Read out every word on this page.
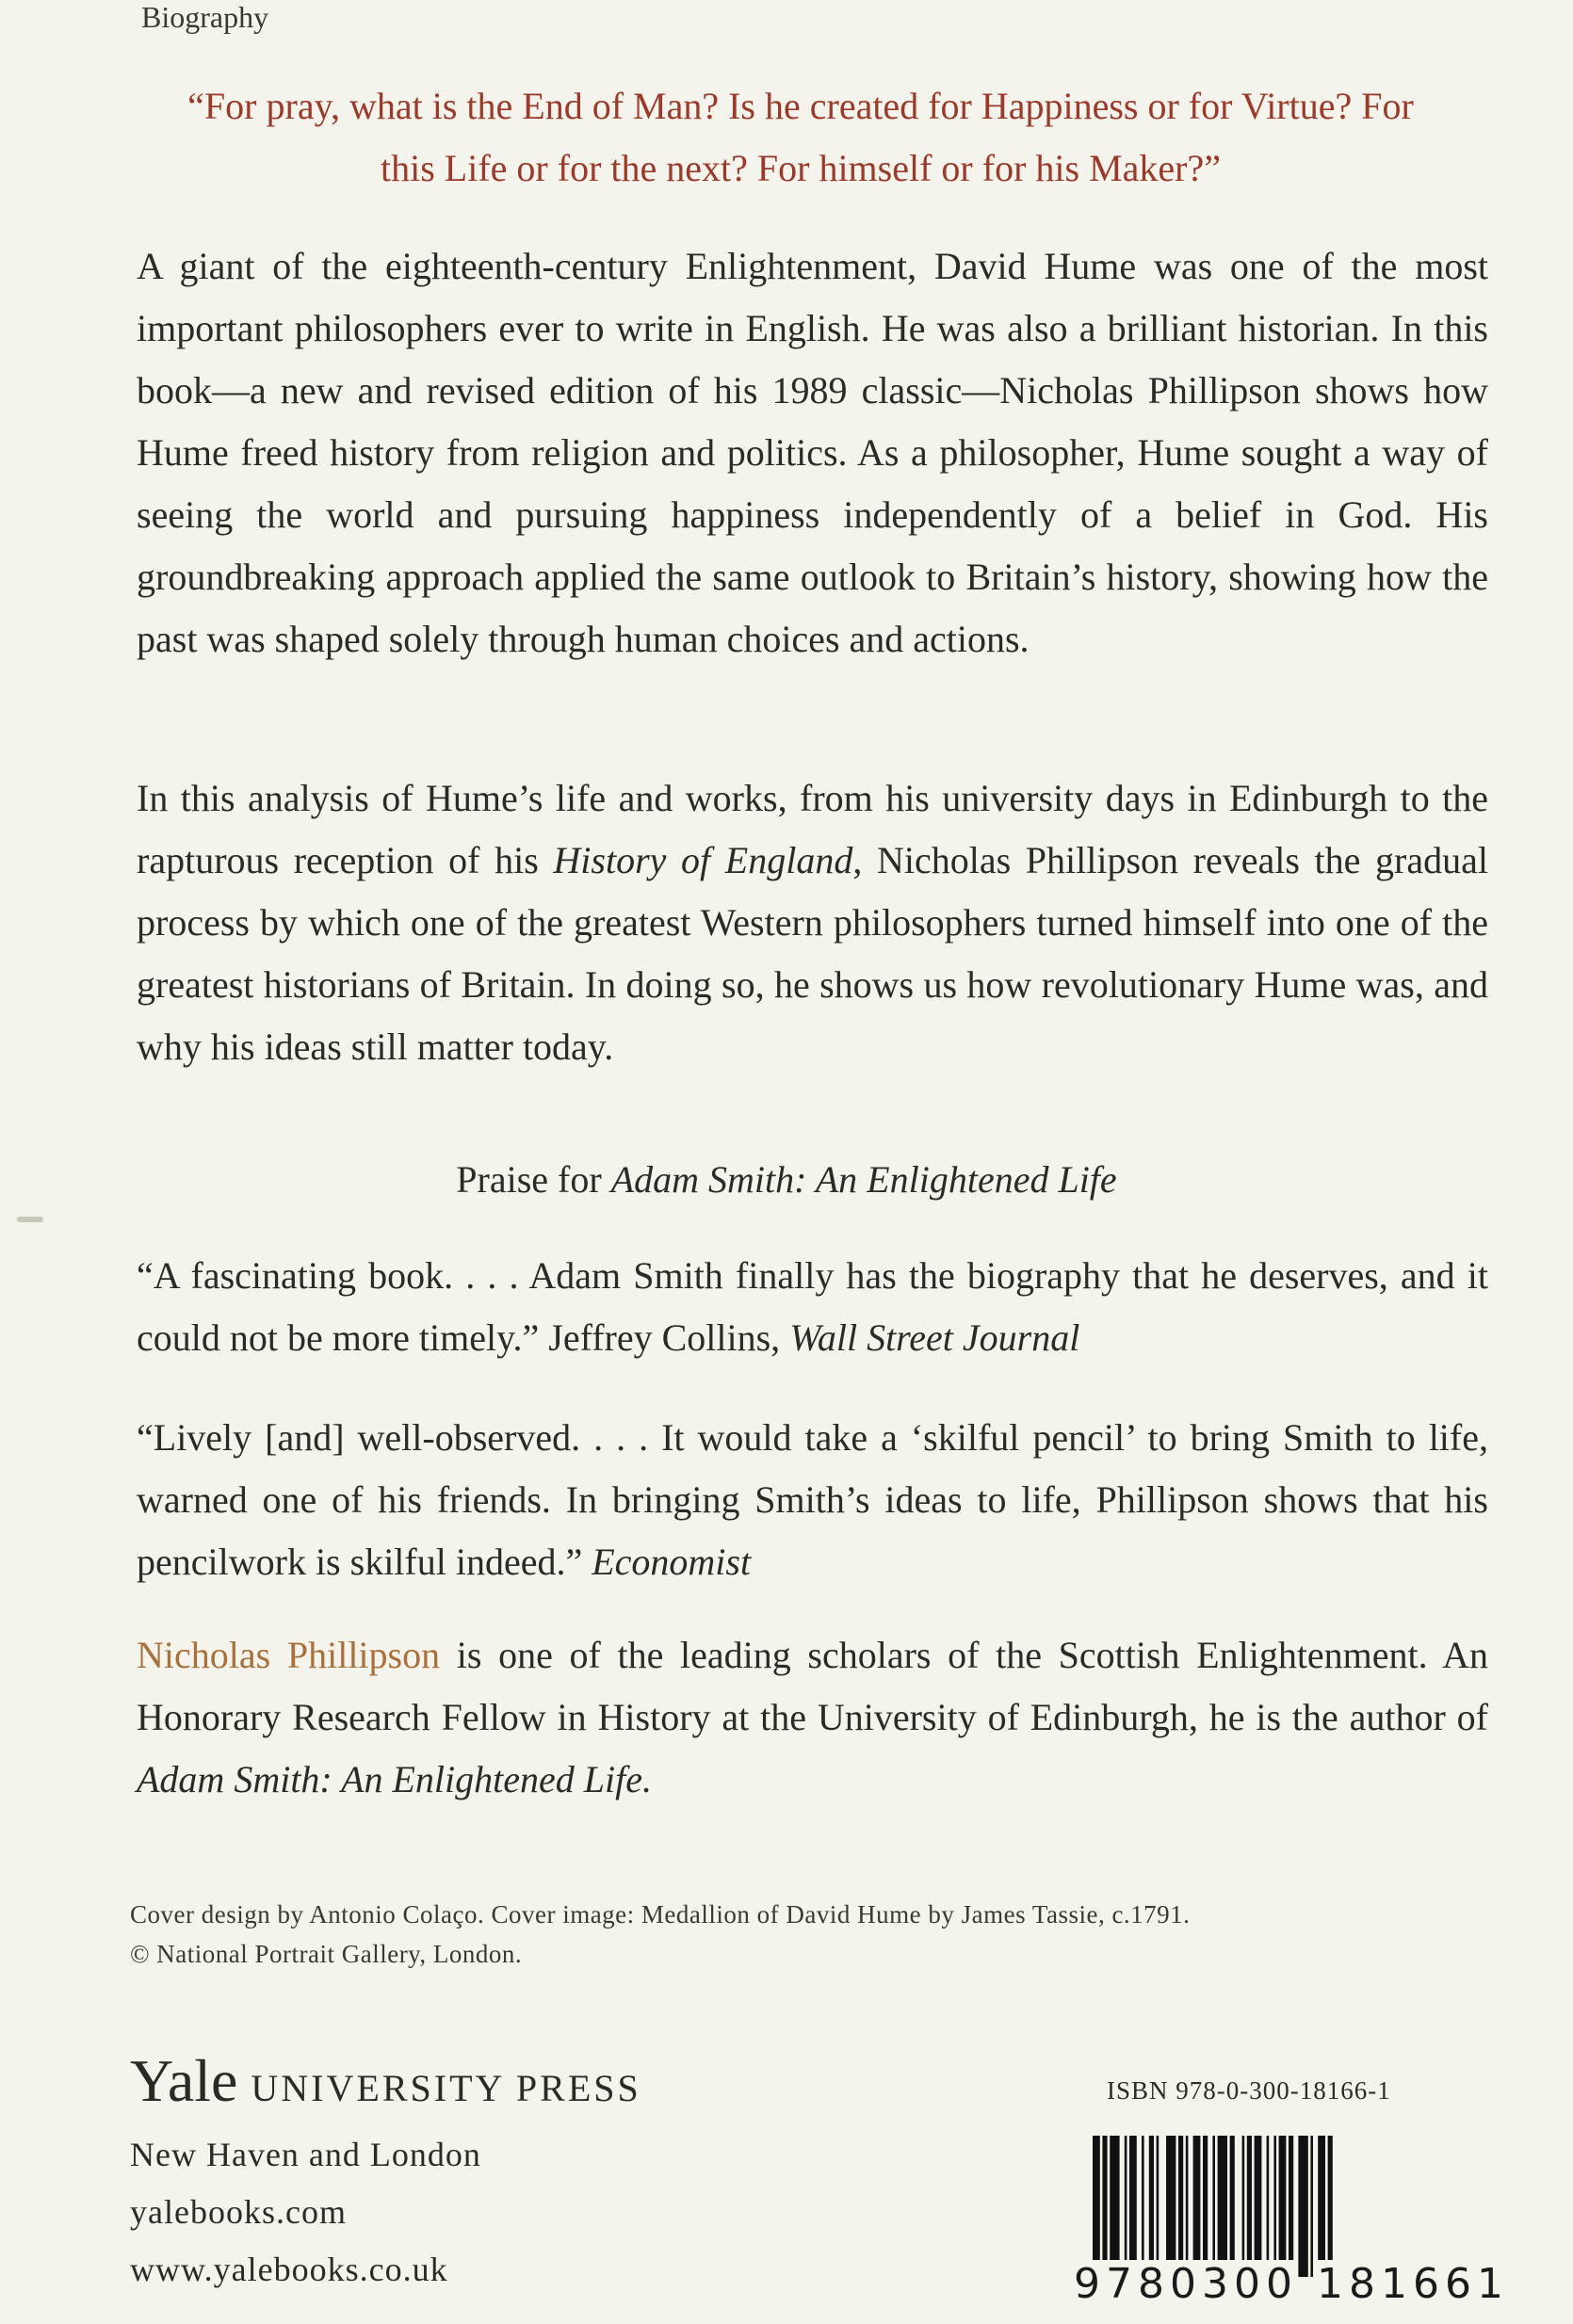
Biography
“For pray, what is the End of Man? Is he created for Happiness or for Virtue? For this Life or for the next? For himself or for his Maker?”

A giant of the eighteenth-century Enlightenment, David Hume was one of the most important philosophers ever to write in English. He was also a brilliant historian. In this book—a new and revised edition of his 1989 classic—Nicholas Phillipson shows how Hume freed history from religion and politics. As a philosopher, Hume sought a way of seeing the world and pursuing happiness independently of a belief in God. His groundbreaking approach applied the same outlook to Britain’s history, showing how the past was shaped solely through human choices and actions.

In this analysis of Hume’s life and works, from his university days in Edinburgh to the rapturous reception of his History of England, Nicholas Phillipson reveals the gradual process by which one of the greatest Western philosophers turned himself into one of the greatest historians of Britain. In doing so, he shows us how revolutionary Hume was, and why his ideas still matter today.

Praise for Adam Smith: An Enlightened Life

“A fascinating book. . . . Adam Smith finally has the biography that he deserves, and it could not be more timely.” Jeffrey Collins, Wall Street Journal

“Lively [and] well-observed. . . . It would take a ‘skilful pencil’ to bring Smith to life, warned one of his friends. In bringing Smith’s ideas to life, Phillipson shows that his pencilwork is skilful indeed.” Economist

Nicholas Phillipson is one of the leading scholars of the Scottish Enlightenment. An Honorary Research Fellow in History at the University of Edinburgh, he is the author of Adam Smith: An Enlightened Life.

Cover design by Antonio Colaço. Cover image: Medallion of David Hume by James Tassie, c.1791.
© National Portrait Gallery, London.
Yale UNIVERSITY PRESS
New Haven and London
yalebooks.com
www.yalebooks.co.uk
ISBN 978-0-300-18166-1
9780300 181661
